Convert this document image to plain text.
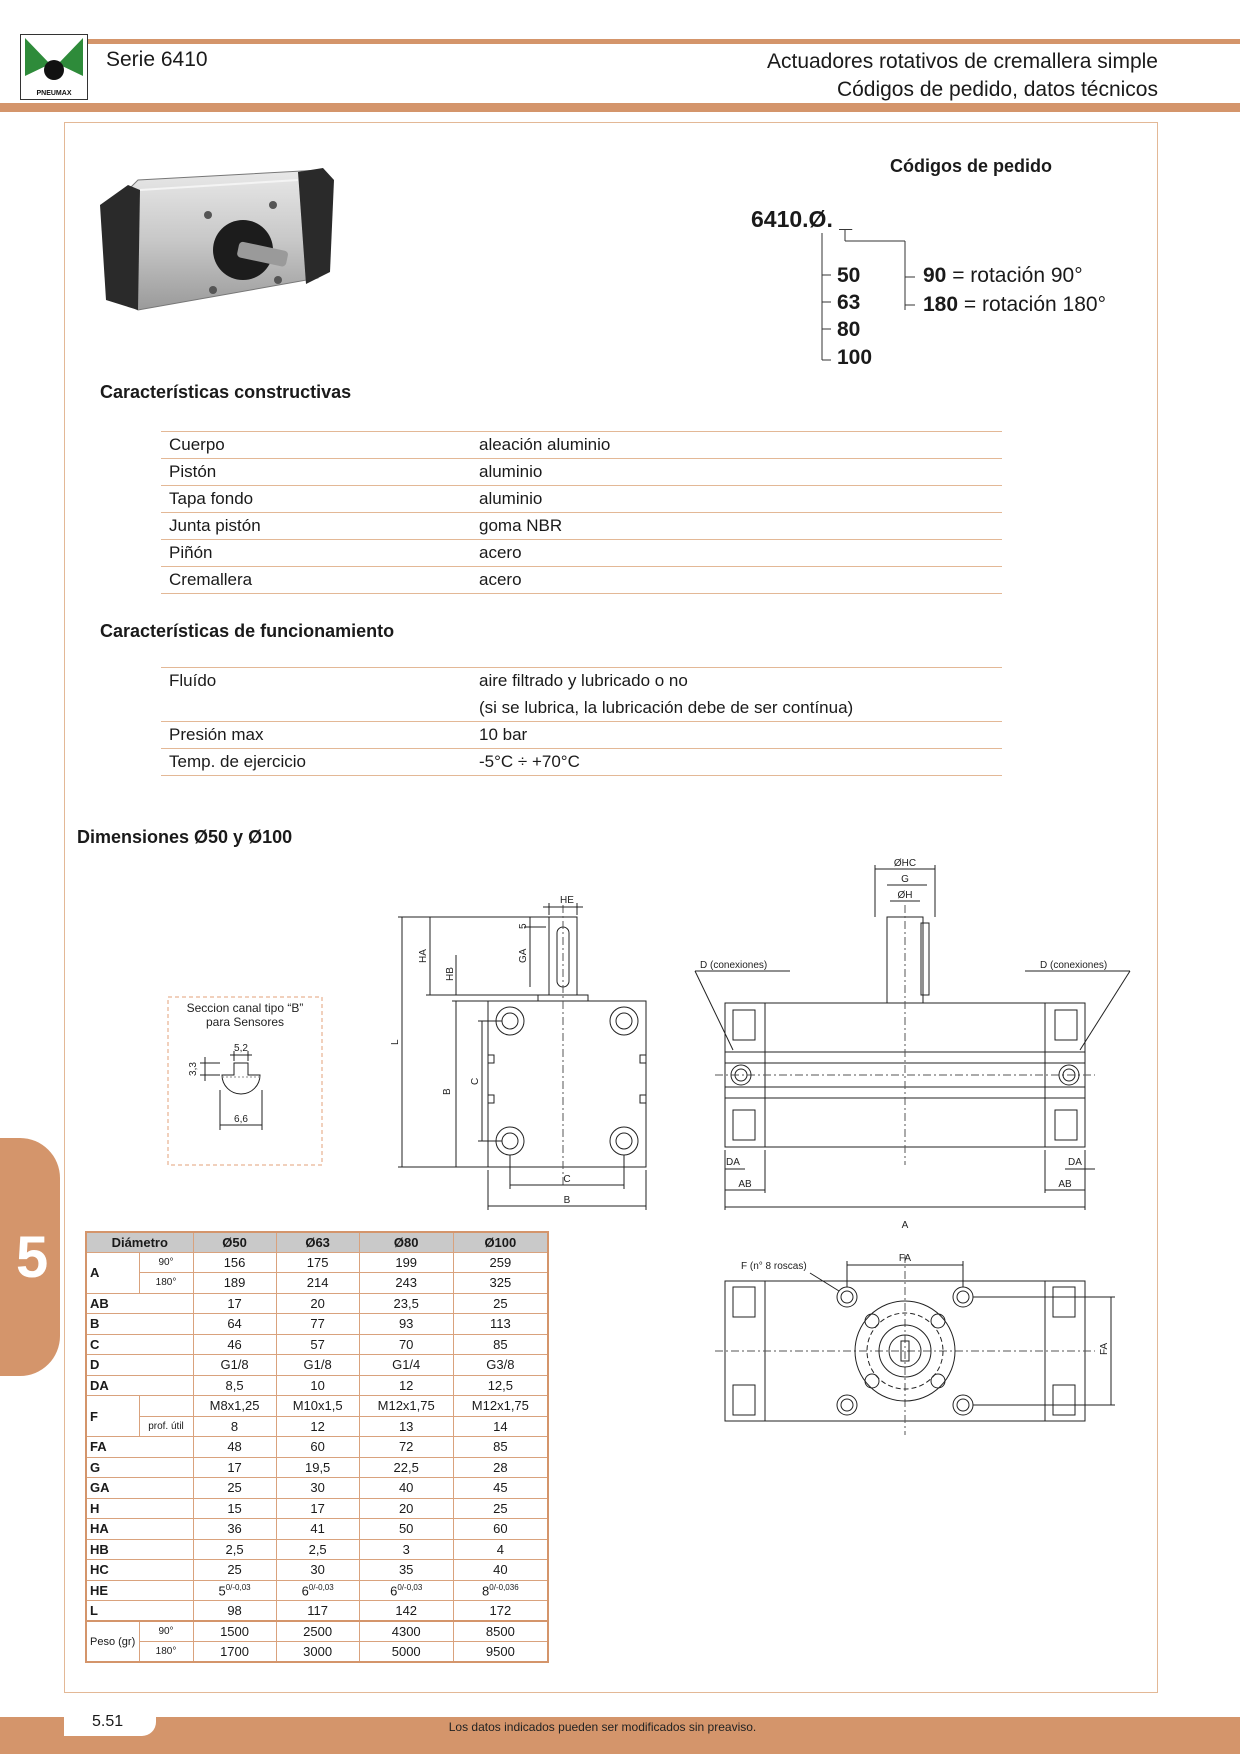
PNEUMAX
Serie 6410	Actuadores rotativos de cremallera simple
Códigos de pedido, datos técnicos
Códigos de pedido
6410.Ø. _
50
63
80
100
90 = rotación 90°
180 = rotación 180°
Características constructivas
Cuerpo	aleación aluminio
Pistón	aluminio
Tapa fondo	aluminio
Junta pistón	goma NBR
Piñón	acero
Cremallera	acero
Características de funcionamiento
Fluído	aire filtrado y lubricado o no
	(si se lubrica, la lubricación debe de ser contínua)
Presión max	10 bar
Temp. de ejercicio	-5°C ÷ +70°C
Dimensiones Ø50 y Ø100
Seccion canal tipo “B”
para Sensores
5,2
3,3
6,6
HE
L
HA
B
HB
C
GA
5
C
B
ØHC
G
ØH
D (conexiones)	D (conexiones)
A
AB	AB
DA	DA
FA
FA
F (n° 8 roscas)
5	Diámetro		Ø50	Ø63	Ø80	Ø100
A	90°	156	175	199	259
	180°	189	214	243	325
AB		17	20	23,5	25
B		64	77	93	113
C		46	57	70	85
D		G1/8	G1/8	G1/4	G3/8
DA		8,5	10	12	12,5
F		M8x1,25	M10x1,5	M12x1,75	M12x1,75
	prof. útil	8	12	13	14
FA		48	60	72	85
G		17	19,5	22,5	28
GA		25	30	40	45
H		15	17	20	25
HA		36	41	50	60
HB		2,5	2,5	3	4
HC		25	30	35	40
HE		$5^{0/-0,03}$	$6^{0/-0,03}$	$6^{0/-0,03}$	$8^{0/-0,036}$
L		98	117	142	172
Peso (gr)	90°	1500	2500	4300	8500
	180°	1700	3000	5000	9500
5.51	Los datos indicados pueden ser modificados sin preaviso.
